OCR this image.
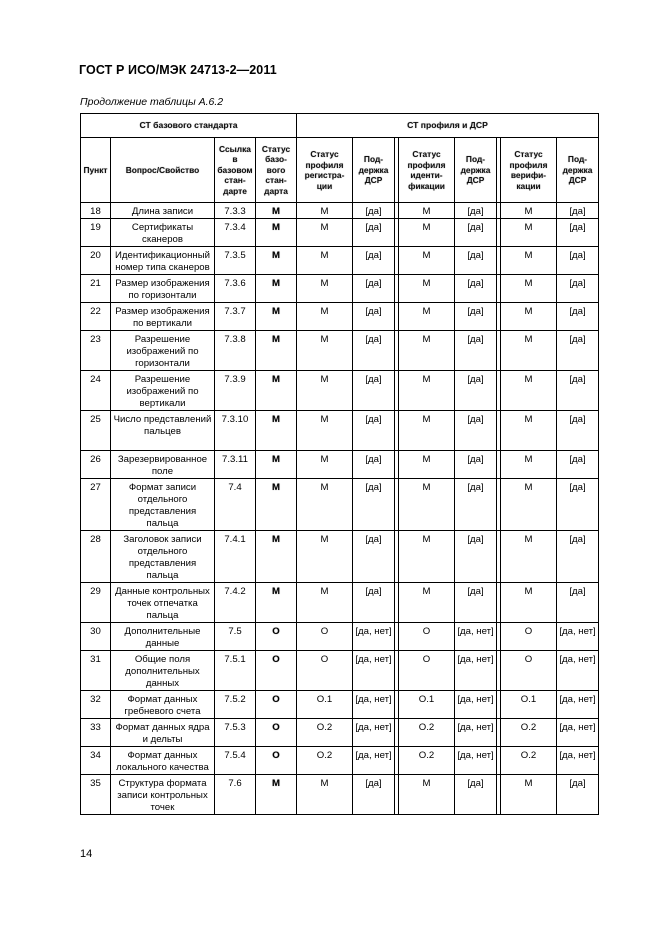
ГОСТ Р ИСО/МЭК 24713-2—2011
Продолжение таблицы А.6.2
СТ базового стандарта				СТ профиля и ДСР							
Пункт	Вопрос/Свойство	Ссылка в базовом стан-дарте	Статус базо-вого стан-дарта	Статус профиля регистра-ции	Под-держка ДСР		Статус профиля иденти-фикации	Под-держка ДСР		Статус профиля верифи-кации	Под-держка ДСР
18	Длина записи	7.3.3	М	М	[да]		М	[да]		М	[да]
19	Сертификаты сканеров	7.3.4	М	М	[да]		М	[да]		М	[да]
20	Идентификационный номер типа сканеров	7.3.5	М	М	[да]		М	[да]		М	[да]
21	Размер изображения по горизонтали	7.3.6	М	М	[да]		М	[да]		М	[да]
22	Размер изображения по вертикали	7.3.7	М	М	[да]		М	[да]		М	[да]
23	Разрешение изображений по горизонтали	7.3.8	М	М	[да]		М	[да]		М	[да]
24	Разрешение изображений по вертикали	7.3.9	М	М	[да]		М	[да]		М	[да]
25	Число представлений пальцев	7.3.10	М	М	[да]		М	[да]		М	[да]
26	Зарезервированное поле	7.3.11	М	М	[да]		М	[да]		М	[да]
27	Формат записи отдельного представления пальца	7.4	М	М	[да]		М	[да]		М	[да]
28	Заголовок записи отдельного представления пальца	7.4.1	М	М	[да]		М	[да]		М	[да]
29	Данные контрольных точек отпечатка пальца	7.4.2	М	М	[да]		М	[да]		М	[да]
30	Дополнительные данные	7.5	О	О	[да, нет]		О	[да, нет]		О	[да, нет]
31	Общие поля дополнительных данных	7.5.1	О	О	[да, нет]		О	[да, нет]		О	[да, нет]
32	Формат данных гребневого счета	7.5.2	О	О.1	[да, нет]		О.1	[да, нет]		О.1	[да, нет]
33	Формат данных ядра и дельты	7.5.3	О	О.2	[да, нет]		О.2	[да, нет]		О.2	[да, нет]
34	Формат данных локального качества	7.5.4	О	О.2	[да, нет]		О.2	[да, нет]		О.2	[да, нет]
35	Структура формата записи контрольных точек	7.6	М	М	[да]		М	[да]		М	[да]
14
